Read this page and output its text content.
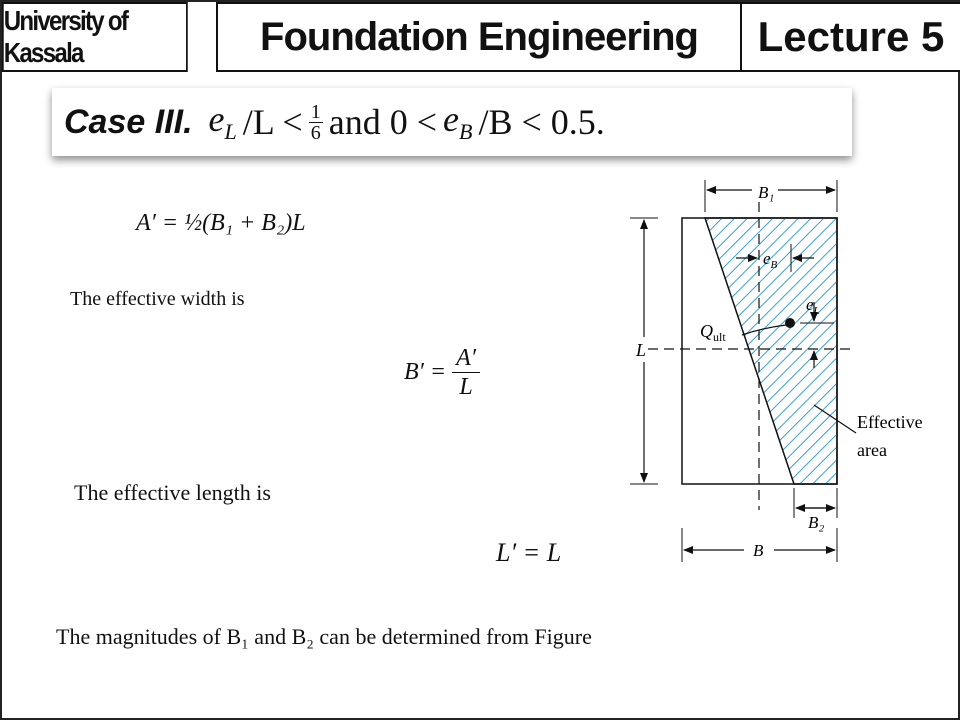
University of Kassala	Foundation Engineering	Lecture 5
Case III. $e_L$ $/L < \frac{1}{6}$ and $0 < e_B$ /B < 0.5.
A′ = ½(B₁ + B₂)L
The effective width is
$B' = \frac{A'}{L}$
The effective length is
L′ = L
The magnitudes of B₁ and B₂ can be determined from Figure
B₁
$e_B$
$e_L$
$Q_{ult}$
L
Effective
area
B₂
B
